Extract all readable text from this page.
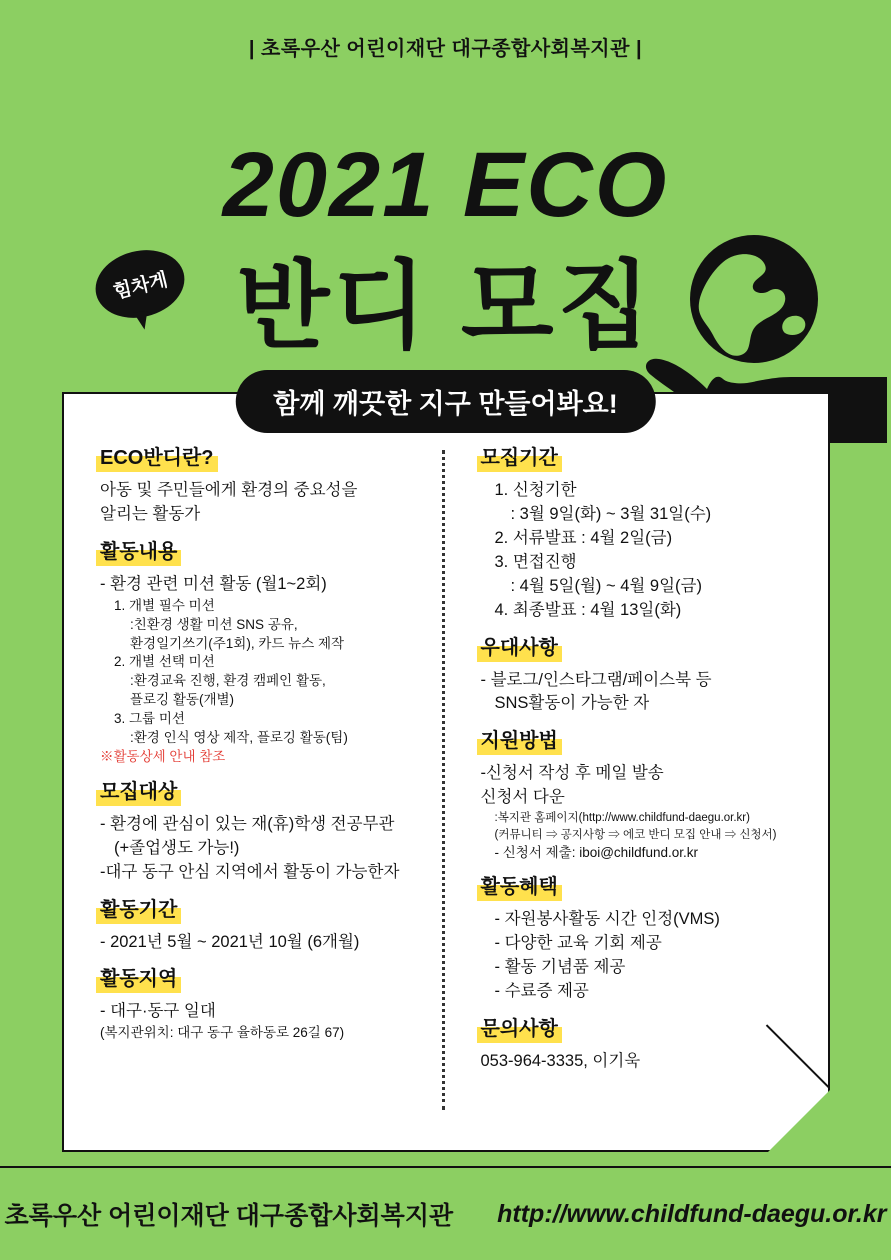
| 초록우산 어린이재단 대구종합사회복지관 |
힘차게
2021 ECO
반디 모집
함께 깨끗한 지구 만들어봐요!
ECO반디란?
아동 및 주민들에게 환경의 중요성을
알리는 활동가
활동내용
- 환경 관련 미션 활동 (월1~2회)
1. 개별 필수 미션
:친환경 생활 미션 SNS 공유,
환경일기쓰기(주1회), 카드 뉴스 제작
2. 개별 선택 미션
:환경교육 진행, 환경 캠페인 활동,
플로깅 활동(개별)
3. 그룹 미션
:환경 인식 영상 제작, 플로깅 활동(팀)
※활동상세 안내 참조
모집대상
- 환경에 관심이 있는 재(휴)학생 전공무관
(+졸업생도 가능!)
-대구 동구 안심 지역에서 활동이 가능한자
활동기간
- 2021년 5월 ~ 2021년 10월 (6개월)
활동지역
- 대구·동구 일대
(복지관위치: 대구 동구 율하동로 26길 67)
모집기간
1. 신청기한
: 3월 9일(화) ~ 3월 31일(수)
2. 서류발표 : 4월 2일(금)
3. 면접진행
: 4월 5일(월) ~ 4월 9일(금)
4. 최종발표 : 4월 13일(화)
우대사항
- 블로그/인스타그램/페이스북 등
SNS활동이 가능한 자
지원방법
-신청서 작성 후 메일 발송
신청서 다운
:복지관 홈페이지(http://www.childfund-daegu.or.kr)
(커뮤니티 ⇒ 공지사항 ⇒ 에코 반디 모집 안내 ⇒ 신청서)
- 신청서 제출: iboi@childfund.or.kr
활동혜택
- 자원봉사활동 시간 인정(VMS)
- 다양한 교육 기회 제공
- 활동 기념품 제공
- 수료증 제공
문의사항
053-964-3335, 이기욱
초록우산 어린이재단 대구종합사회복지관 http://www.childfund-daegu.or.kr
